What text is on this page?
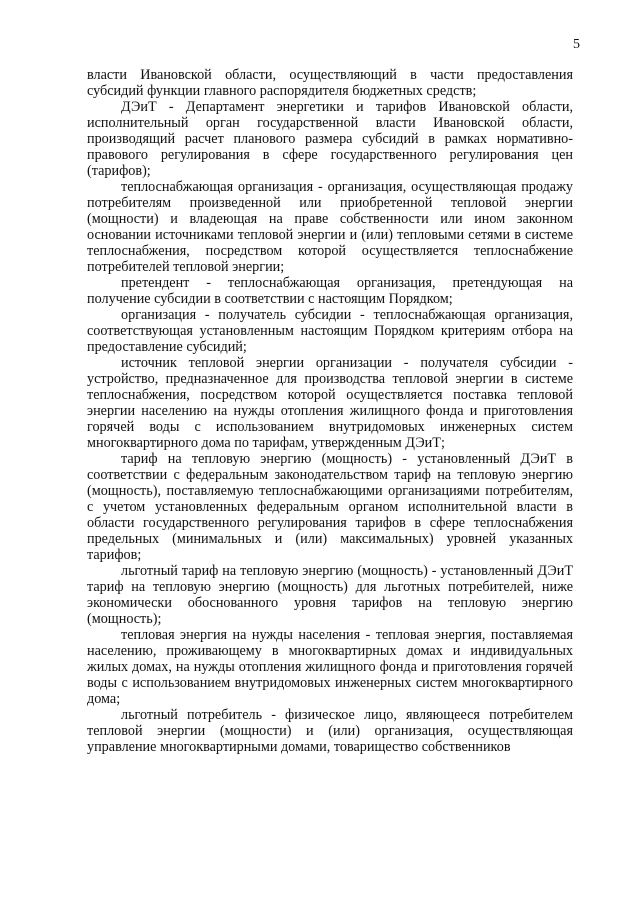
5

власти Ивановской области, осуществляющий в части предоставления субсидий функции главного распорядителя бюджетных средств;

ДЭиТ - Департамент энергетики и тарифов Ивановской области, исполнительный орган государственной власти Ивановской области, производящий расчет планового размера субсидий в рамках нормативно-правового регулирования в сфере государственного регулирования цен (тарифов);

теплоснабжающая организация - организация, осуществляющая продажу потребителям произведенной или приобретенной тепловой энергии (мощности) и владеющая на праве собственности или ином законном основании источниками тепловой энергии и (или) тепловыми сетями в системе теплоснабжения, посредством которой осуществляется теплоснабжение потребителей тепловой энергии;

претендент - теплоснабжающая организация, претендующая на получение субсидии в соответствии с настоящим Порядком;

организация - получатель субсидии - теплоснабжающая организация, соответствующая установленным настоящим Порядком критериям отбора на предоставление субсидий;

источник тепловой энергии организации - получателя субсидии - устройство, предназначенное для производства тепловой энергии в системе теплоснабжения, посредством которой осуществляется поставка тепловой энергии населению на нужды отопления жилищного фонда и приготовления горячей воды с использованием внутридомовых инженерных систем многоквартирного дома по тарифам, утвержденным ДЭиТ;

тариф на тепловую энергию (мощность) - установленный ДЭиТ в соответствии с федеральным законодательством тариф на тепловую энергию (мощность), поставляемую теплоснабжающими организациями потребителям, с учетом установленных федеральным органом исполнительной власти в области государственного регулирования тарифов в сфере теплоснабжения предельных (минимальных и (или) максимальных) уровней указанных тарифов;

льготный тариф на тепловую энергию (мощность) - установленный ДЭиТ тариф на тепловую энергию (мощность) для льготных потребителей, ниже экономически обоснованного уровня тарифов на тепловую энергию (мощность);

тепловая энергия на нужды населения - тепловая энергия, поставляемая населению, проживающему в многоквартирных домах и индивидуальных жилых домах, на нужды отопления жилищного фонда и приготовления горячей воды с использованием внутридомовых инженерных систем многоквартирного дома;

льготный потребитель - физическое лицо, являющееся потребителем тепловой энергии (мощности) и (или) организация, осуществляющая управление многоквартирными домами, товарищество собственников
